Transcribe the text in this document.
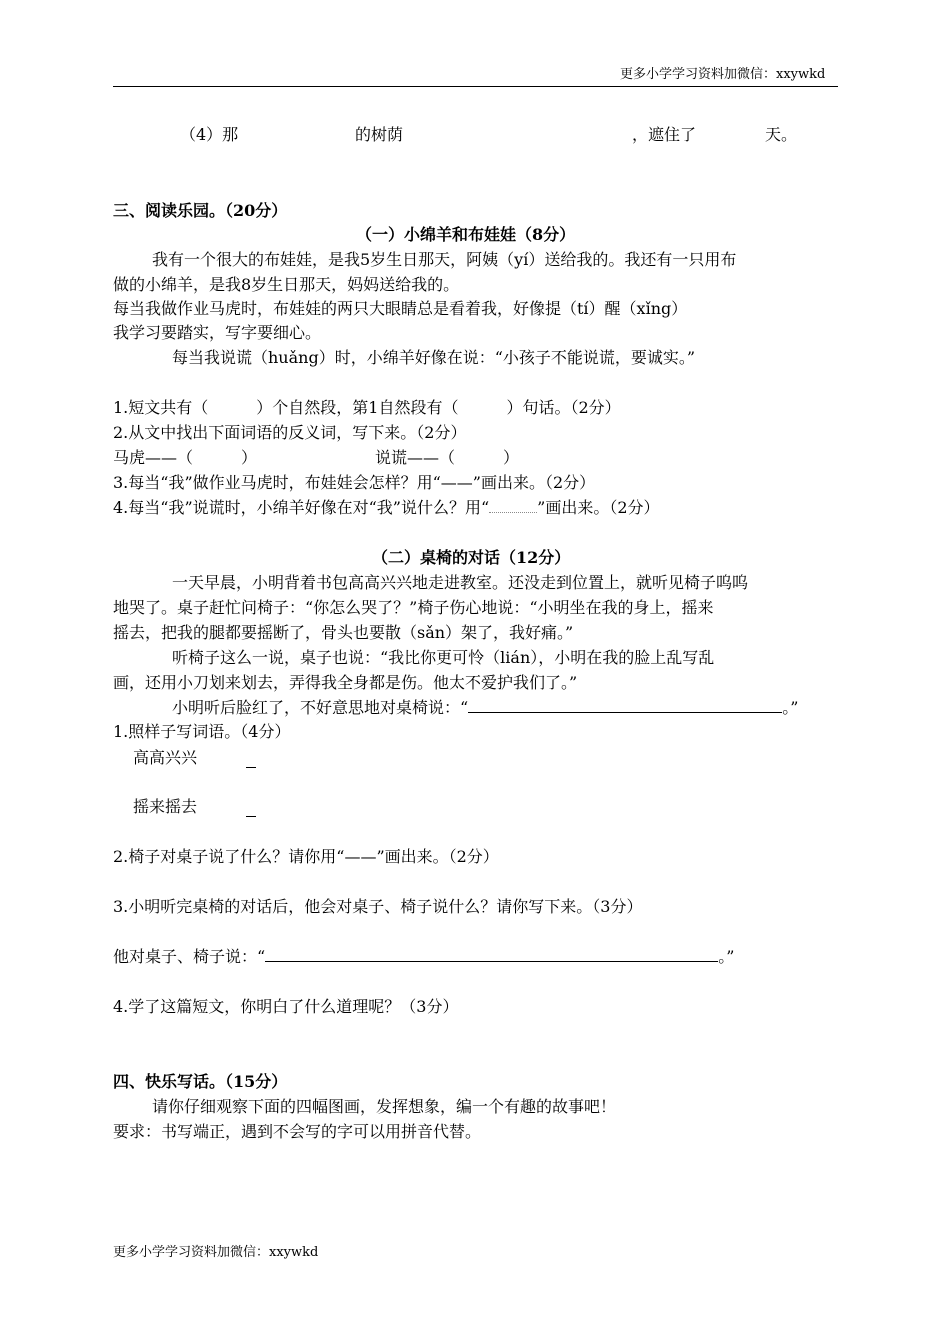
更多小学学习资料加微信：xxywkd
（4）那	的树荫	，遮住了	天。
三、阅读乐园。（20分）
（一）小绵羊和布娃娃（8分）
我有一个很大的布娃娃，是我5岁生日那天，阿姨（yí）送给我的。我还有一只用布
做的小绵羊，是我8岁生日那天，妈妈送给我的。
每当我做作业马虎时，布娃娃的两只大眼睛总是看着我，好像提（tí）醒（xǐng）
我学习要踏实，写字要细心。
每当我说谎（huǎng）时，小绵羊好像在说：“小孩子不能说谎，要诚实。”
1.短文共有（　　　）个自然段，第1自然段有（　　　）句话。（2分）
2.从文中找出下面词语的反义词，写下来。（2分）
马虎——（　　　）	说谎——（　　　）
3.每当“我”做作业马虎时，布娃娃会怎样？用“——”画出来。（2分）
4.每当“我”说谎时，小绵羊好像在对“我”说什么？用“	”画出来。（2分）
（二）桌椅的对话（12分）
一天早晨，小明背着书包高高兴兴地走进教室。还没走到位置上，就听见椅子呜呜
地哭了。桌子赶忙问椅子：“你怎么哭了？”椅子伤心地说：“小明坐在我的身上，摇来
摇去，把我的腿都要摇断了，骨头也要散（sǎn）架了，我好痛。”
听椅子这么一说，桌子也说：“我比你更可怜（lián），小明在我的脸上乱写乱
画，还用小刀划来划去，弄得我全身都是伤。他太不爱护我们了。”
小明听后脸红了，不好意思地对桌椅说：“	。”
1.照样子写词语。（4分）
高高兴兴
摇来摇去
2.椅子对桌子说了什么？请你用“——”画出来。（2分）
3.小明听完桌椅的对话后，他会对桌子、椅子说什么？请你写下来。（3分）
他对桌子、椅子说：“	。”
4.学了这篇短文，你明白了什么道理呢？（3分）
四、快乐写话。（15分）
请你仔细观察下面的四幅图画，发挥想象，编一个有趣的故事吧！
要求：书写端正，遇到不会写的字可以用拼音代替。
更多小学学习资料加微信：xxywkd
